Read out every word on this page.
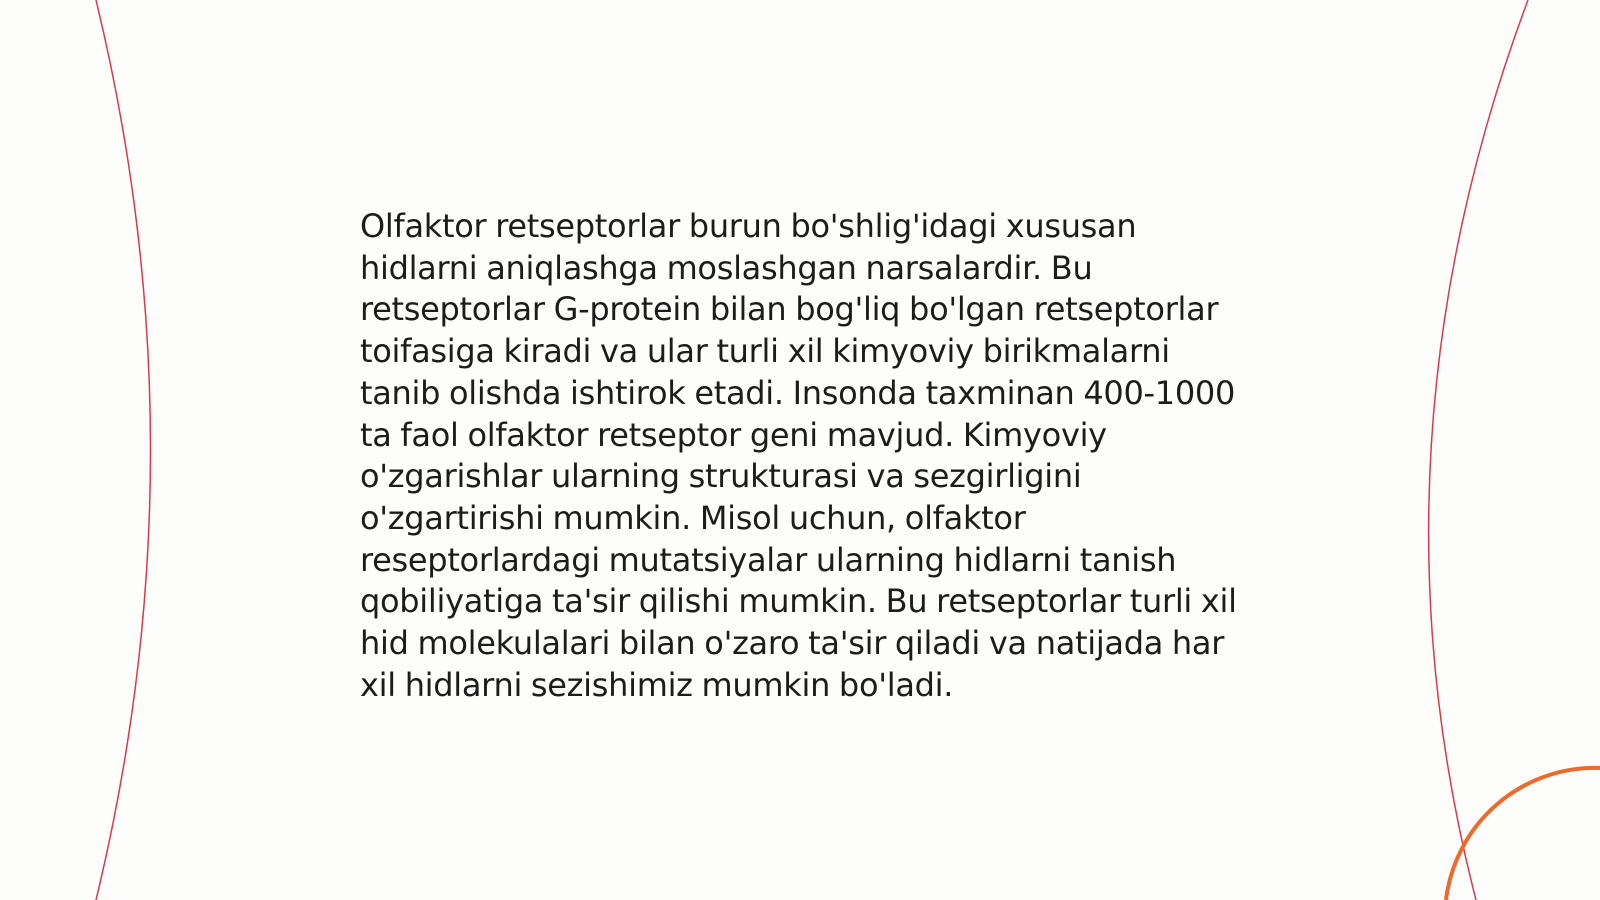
Olfaktor retseptorlar burun bo'shlig'idagi xususan hidlarni aniqlashga moslashgan narsalardir. Bu retseptorlar G-protein bilan bog'liq bo'lgan retseptorlar toifasiga kiradi va ular turli xil kimyoviy birikmalarni tanib olishda ishtirok etadi. Insonda taxminan 400-1000 ta faol olfaktor retseptor geni mavjud. Kimyoviy o'zgarishlar ularning strukturasi va sezgirligini o'zgartirishi mumkin. Misol uchun, olfaktor reseptorlardagi mutatsiyalar ularning hidlarni tanish qobiliyatiga ta'sir qilishi mumkin. Bu retseptorlar turli xil hid molekulalari bilan o'zaro ta'sir qiladi va natijada har xil hidlarni sezishimiz mumkin bo'ladi.
